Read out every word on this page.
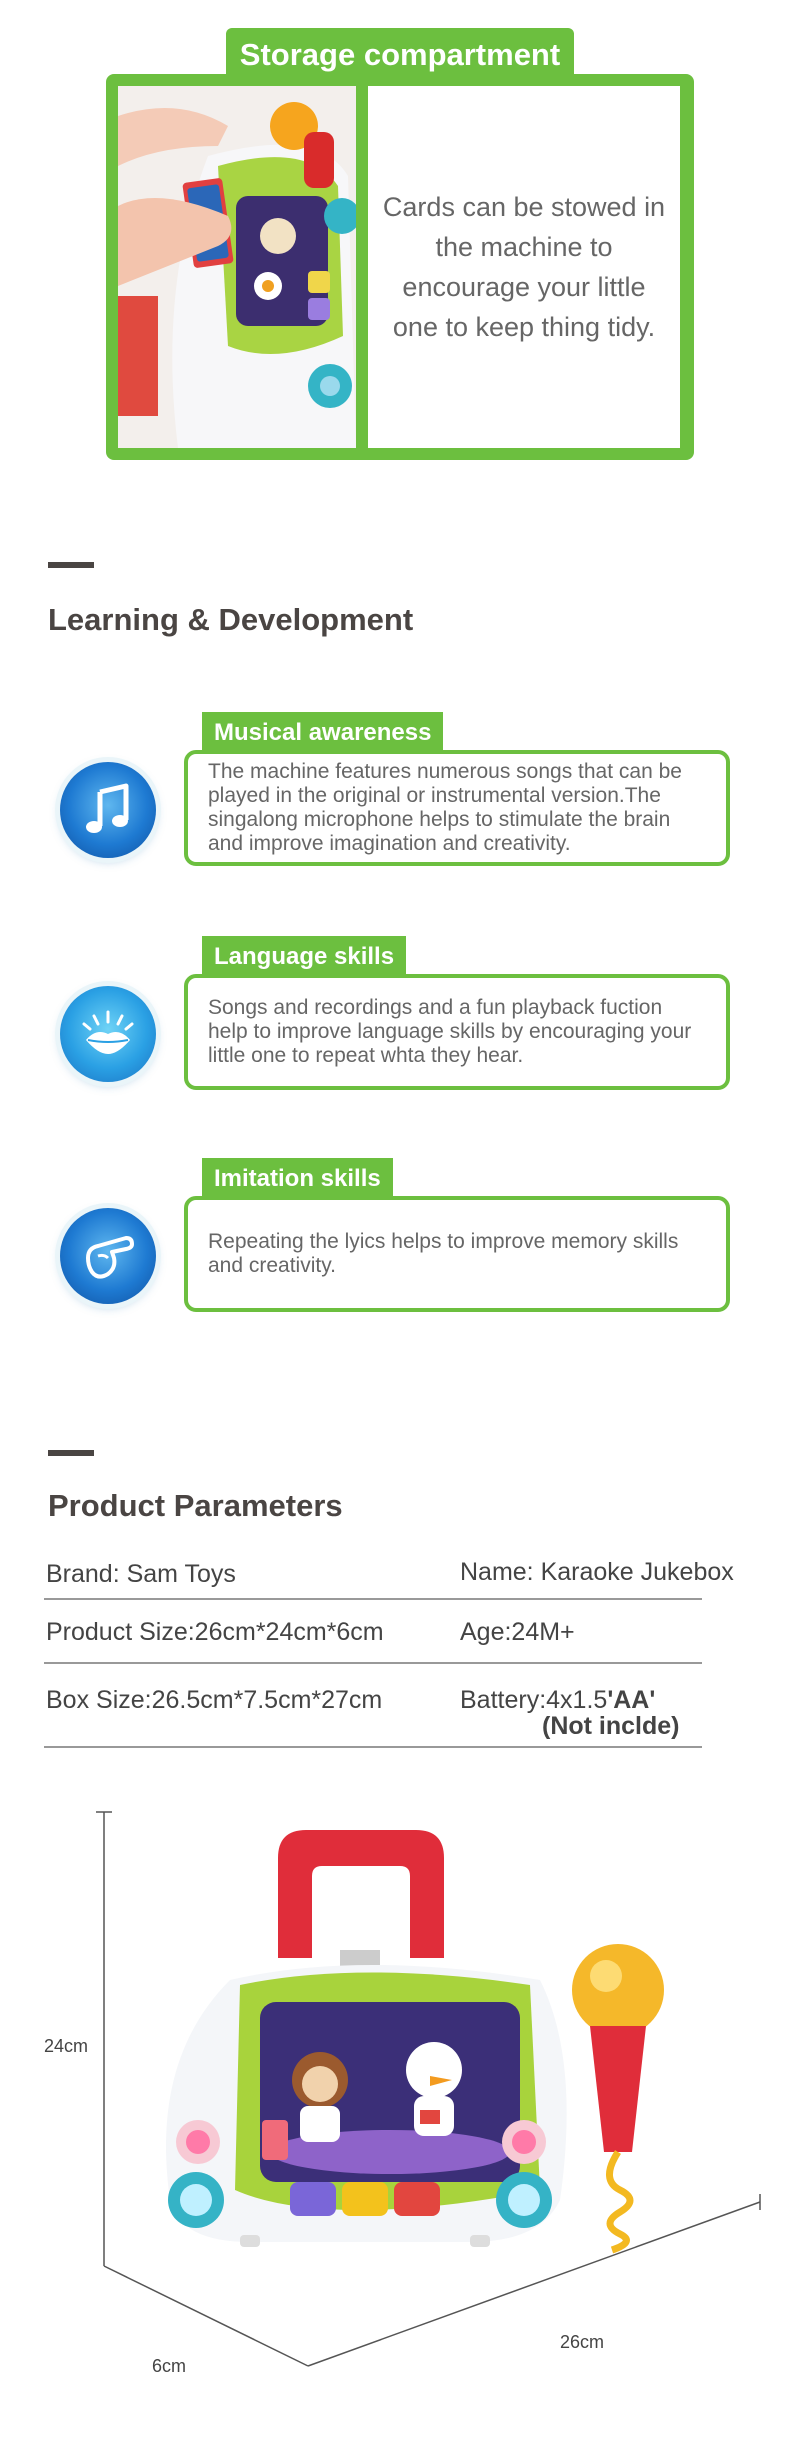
Cards can be stowed in the machine to encourage your little one to keep thing tidy.

Storage compartment
Learning & Development
Musical awareness

The machine features numerous songs that can be played in the original or instrumental version.The singalong microphone helps to stimulate the brain and improve imagination and creativity.

Language skills

Songs and recordings and a fun playback fuction help to improve language skills by encouraging your little one to repeat whta they hear.

Imitation skills

Repeating the lyics helps to improve memory skills and creativity.

Product Parameters
Brand: Sam Toys	Name: Karaoke Jukebox
Product Size:26cm*24cm*6cm	Age:24M+
Box Size:26.5cm*7.5cm*27cm	Battery:4x1.5'AA'
(Not inclde)
24cm
6cm
26cm
